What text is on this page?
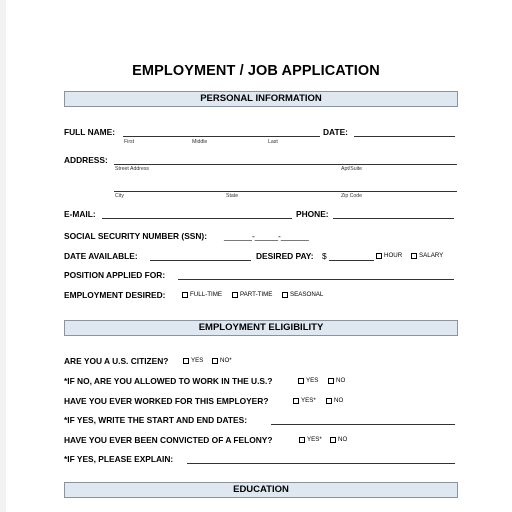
EMPLOYMENT / JOB APPLICATION
PERSONAL INFORMATION
FULL NAME:
First	Middle	Last
DATE:
ADDRESS:
Street Address	Apt/Suite
City	State	Zip Code
E-MAIL:	PHONE:
SOCIAL SECURITY NUMBER (SSN): ______-_____-______
DATE AVAILABLE:	DESIRED PAY: $	HOUR	SALARY
POSITION APPLIED FOR:
EMPLOYMENT DESIRED:	FULL-TIME	PART-TIME	SEASONAL
EMPLOYMENT ELIGIBILITY
ARE YOU A U.S. CITIZEN?	YES	NO*
*IF NO, ARE YOU ALLOWED TO WORK IN THE U.S.?	YES	NO
HAVE YOU EVER WORKED FOR THIS EMPLOYER?	YES*	NO
*IF YES, WRITE THE START AND END DATES:
HAVE YOU EVER BEEN CONVICTED OF A FELONY?	YES*	NO
*IF YES, PLEASE EXPLAIN:
EDUCATION
